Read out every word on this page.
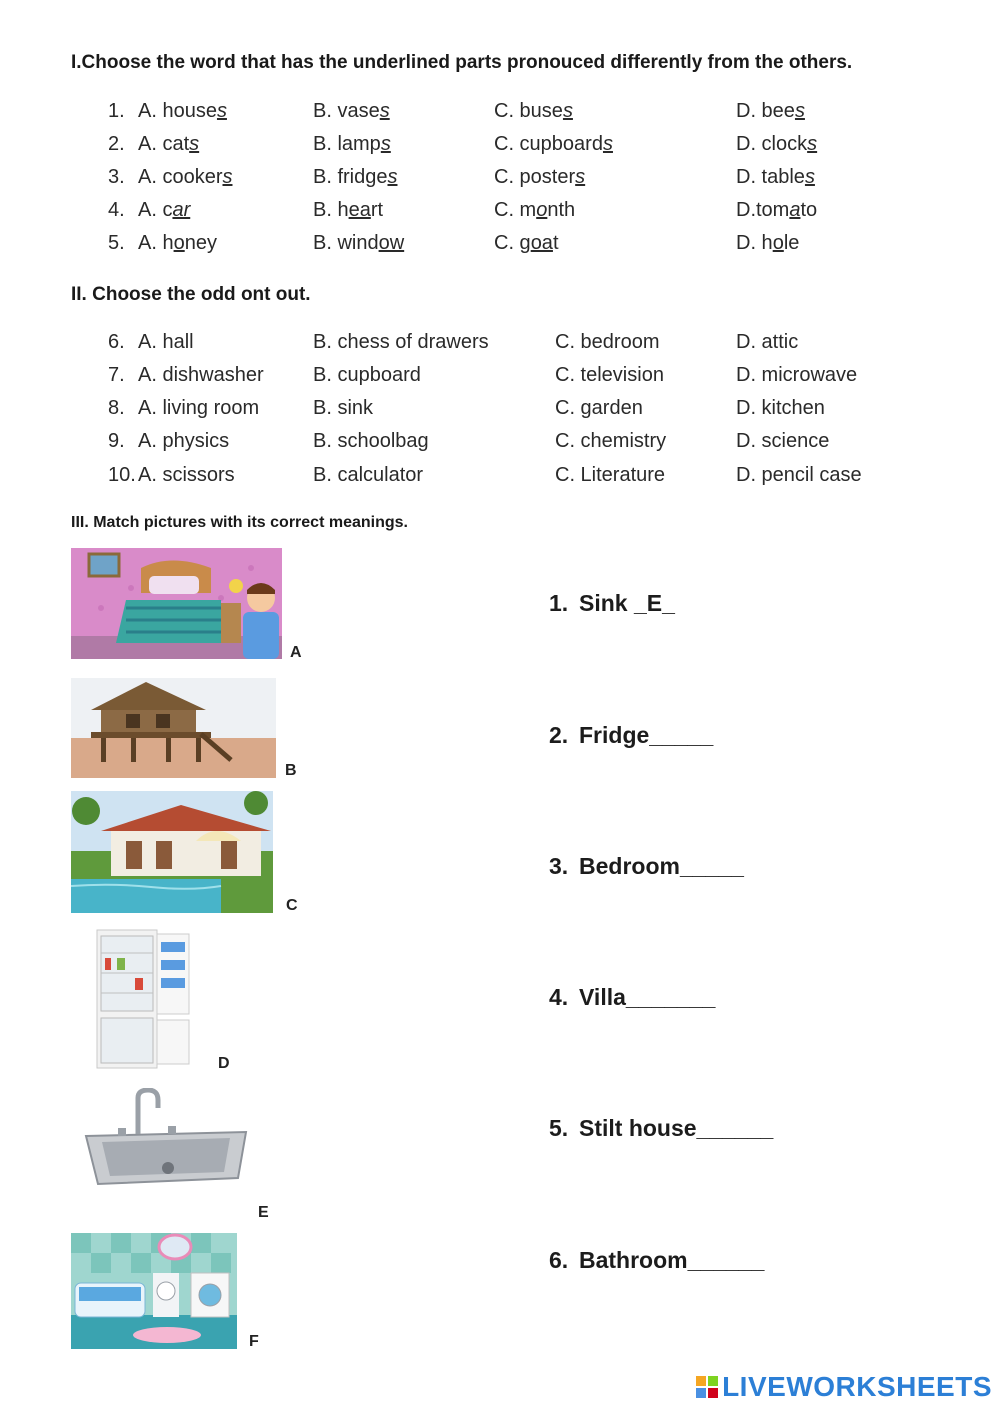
I.Choose the word that has the underlined parts pronouced differently from the others.
1. A. houses	B. vases	C. buses	D. bees
2. A. cats	B. lamps	C. cupboards	D. clocks
3. A. cookers	B. fridges	C. posters	D. tables
4. A. car	B. heart	C. month	D.tomato
5. A. honey	B. window	C. goat	D. hole
II. Choose the odd ont out.
6. A. hall	B. chess of drawers	C. bedroom	D. attic
7. A. dishwasher B. cupboard	C. television	D. microwave
8. A. living room	B. sink	C. garden	D. kitchen
9. A. physics	B. schoolbag	C. chemistry	D. science
10. A. scissors	B. calculator	C. Literature	D. pencil case
III. Match pictures with its correct meanings.
A
B
C
D
E
F
1. Sink _E_
2. Fridge_____
3. Bedroom_____
4. Villa_______
5. Stilt house______
6. Bathroom______
LIVEWORKSHEETS
